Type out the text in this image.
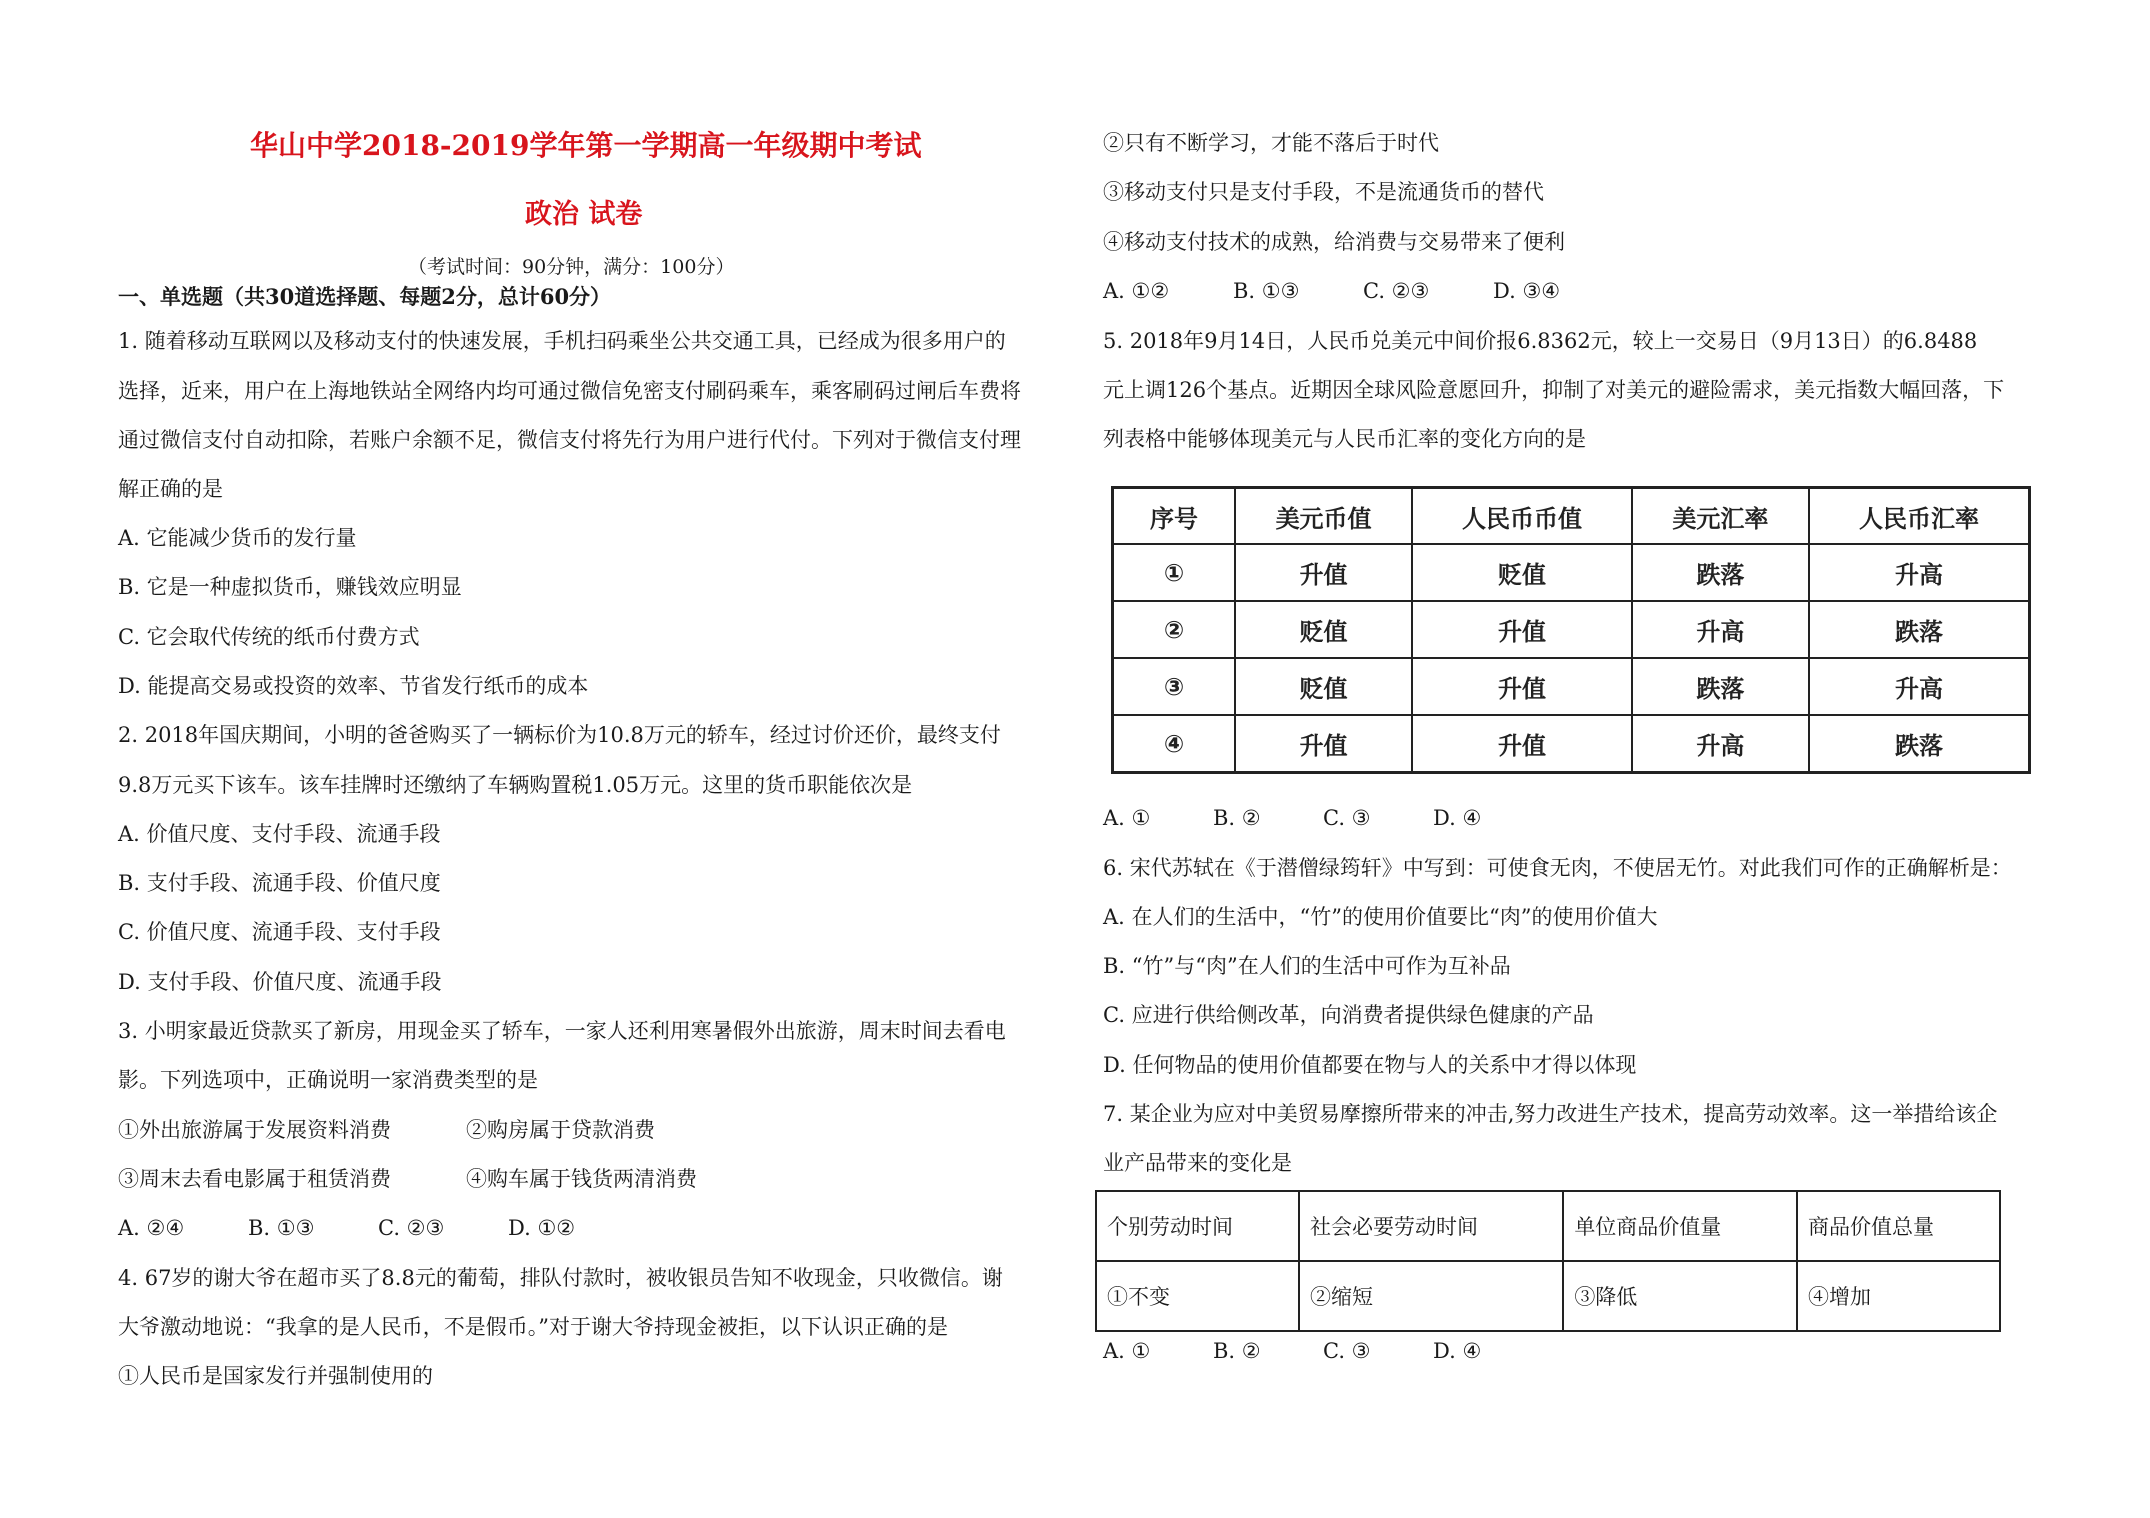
华山中学2018-2019学年第一学期高一年级期中考试
政治 试卷
（考试时间：90分钟，满分：100分）
一、单选题（共30道选择题、每题2分，总计60分）
1. 随着移动互联网以及移动支付的快速发展，手机扫码乘坐公共交通工具，已经成为很多用户的
选择，近来，用户在上海地铁站全网络内均可通过微信免密支付刷码乘车，乘客刷码过闸后车费将
通过微信支付自动扣除，若账户余额不足，微信支付将先行为用户进行代付。下列对于微信支付理
解正确的是
A. 它能减少货币的发行量
B. 它是一种虚拟货币，赚钱效应明显
C. 它会取代传统的纸币付费方式
D. 能提高交易或投资的效率、节省发行纸币的成本
2. 2018年国庆期间，小明的爸爸购买了一辆标价为10.8万元的轿车，经过讨价还价，最终支付
9.8万元买下该车。该车挂牌时还缴纳了车辆购置税1.05万元。这里的货币职能依次是
A. 价值尺度、支付手段、流通手段
B. 支付手段、流通手段、价值尺度
C. 价值尺度、流通手段、支付手段
D. 支付手段、价值尺度、流通手段
3. 小明家最近贷款买了新房，用现金买了轿车，一家人还利用寒暑假外出旅游，周末时间去看电
影。下列选项中，正确说明一家消费类型的是
①外出旅游属于发展资料消费	②购房属于贷款消费
③周末去看电影属于租赁消费	④购车属于钱货两清消费
A. ②④	B. ①③	C. ②③	D. ①②
4. 67岁的谢大爷在超市买了8.8元的葡萄，排队付款时，被收银员告知不收现金，只收微信。谢
大爷激动地说：“我拿的是人民币，不是假币。”对于谢大爷持现金被拒，以下认识正确的是
①人民币是国家发行并强制使用的
②只有不断学习，才能不落后于时代
③移动支付只是支付手段，不是流通货币的替代
④移动支付技术的成熟，给消费与交易带来了便利
A. ①②	B. ①③	C. ②③	D. ③④
5. 2018年9月14日，人民币兑美元中间价报6.8362元，较上一交易日（9月13日）的6.8488
元上调126个基点。近期因全球风险意愿回升，抑制了对美元的避险需求，美元指数大幅回落，下
列表格中能够体现美元与人民币汇率的变化方向的是
序号	美元币值	人民币币值	美元汇率	人民币汇率
①	升值	贬值	跌落	升高
②	贬值	升值	升高	跌落
③	贬值	升值	跌落	升高
④	升值	升值	升高	跌落
A. ①	B. ②	C. ③	D. ④
6. 宋代苏轼在《于潜僧绿筠轩》中写到：可使食无肉，不使居无竹。对此我们可作的正确解析是：
A. 在人们的生活中，“竹”的使用价值要比“肉”的使用价值大
B. “竹”与“肉”在人们的生活中可作为互补品
C. 应进行供给侧改革，向消费者提供绿色健康的产品
D. 任何物品的使用价值都要在物与人的关系中才得以体现
7. 某企业为应对中美贸易摩擦所带来的冲击,努力改进生产技术，提高劳动效率。这一举措给该企
业产品带来的变化是
个别劳动时间	社会必要劳动时间	单位商品价值量	商品价值总量
①不变	②缩短	③降低	④增加
A. ①	B. ②	C. ③	D. ④
